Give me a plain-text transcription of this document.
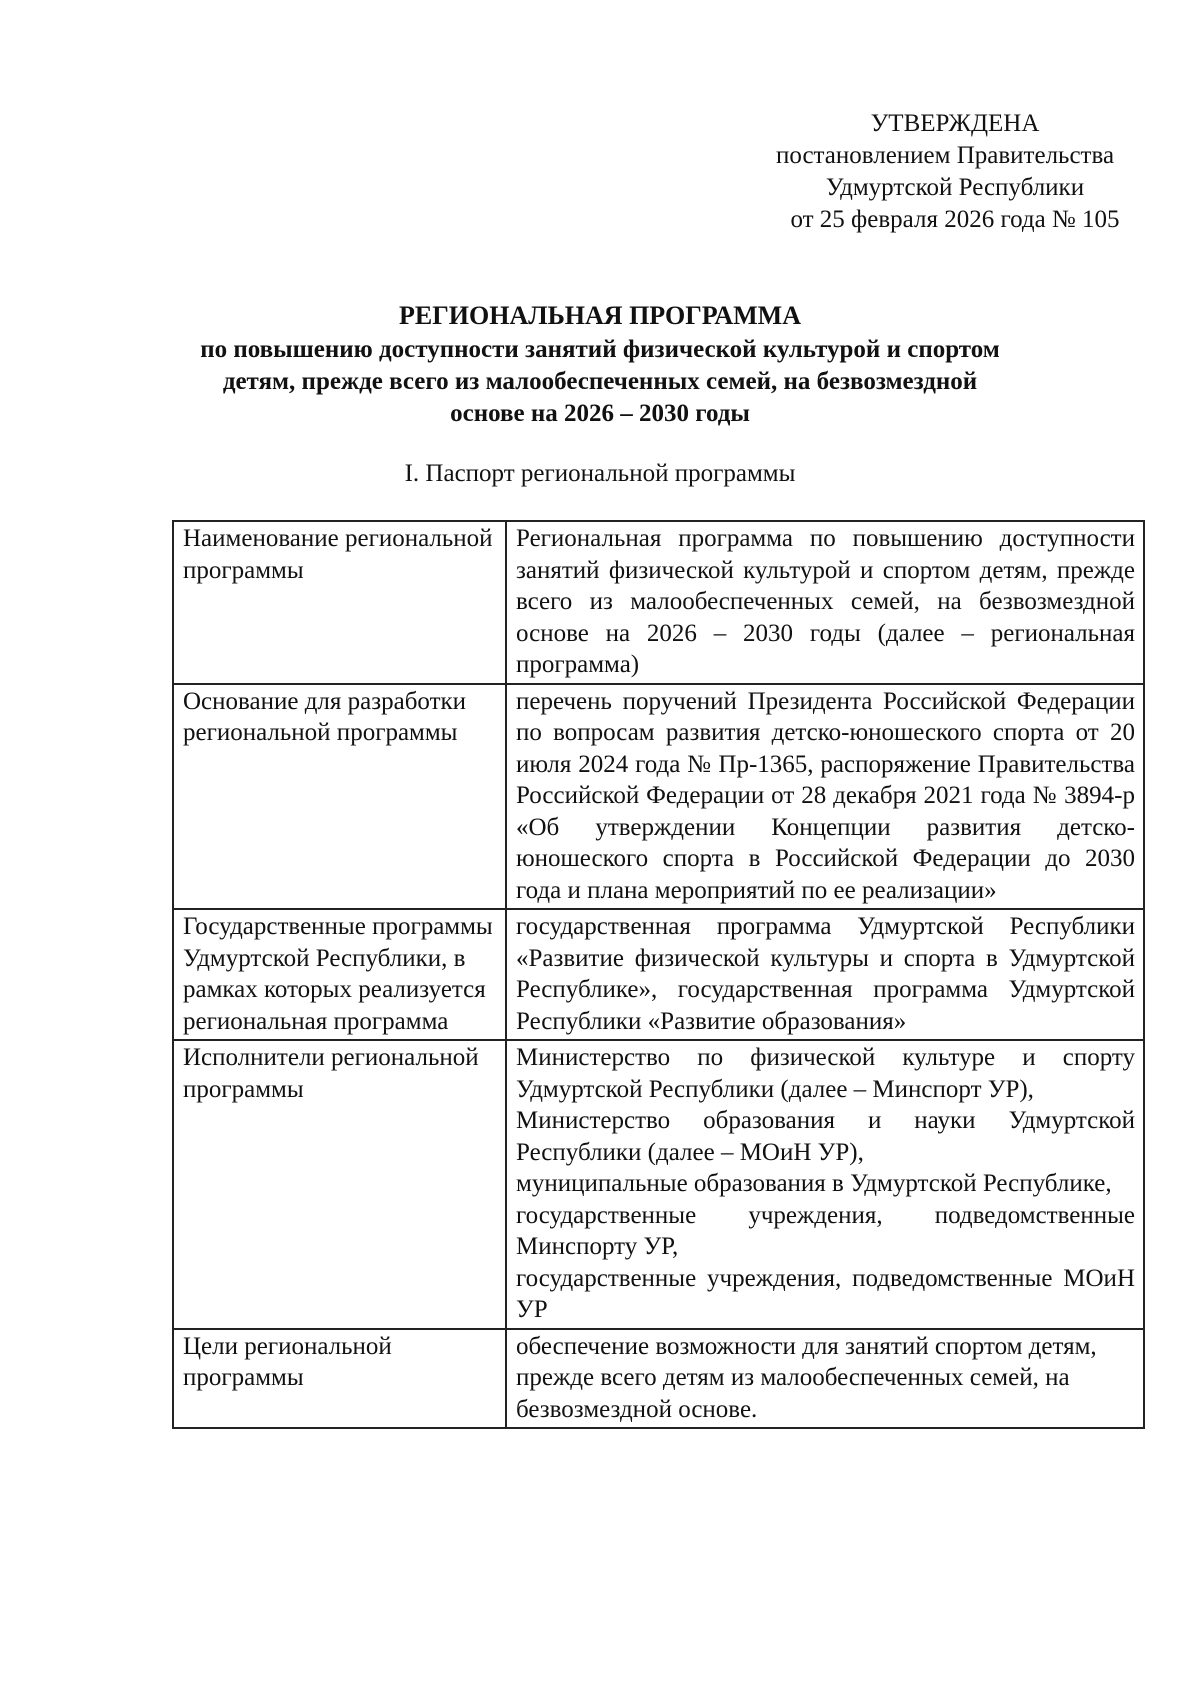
УТВЕРЖДЕНА
постановлением Правительства
Удмуртской Республики
от 25 февраля 2026 года № 105
РЕГИОНАЛЬНАЯ ПРОГРАММА
по повышению доступности занятий физической культурой и спортом
детям, прежде всего из малообеспеченных семей, на безвозмездной
основе на 2026 – 2030 годы
I. Паспорт региональной программы
Наименование региональной программы	Региональная программа по повышению доступности занятий физической культурой и спортом детям, прежде всего из малообеспеченных семей, на безвозмездной основе на 2026 – 2030 годы (далее – региональная программа)

Основание для разработки региональной программы	перечень поручений Президента Российской Федерации по вопросам развития детско-юношеского спорта от 20 июля 2024 года № Пр-1365, распоряжение Правительства Российской Федерации от 28 декабря 2021 года № 3894-р «Об утверждении Концепции развития детско-юношеского спорта в Российской Федерации до 2030 года и плана мероприятий по ее реализации»

Государственные программы Удмуртской Республики, в рамках которых реализуется региональная программа	государственная программа Удмуртской Республики «Развитие физической культуры и спорта в Удмуртской Республике», государственная программа Удмуртской Республики «Развитие образования»

Исполнители региональной программы	Министерство по физической культуре и спорту Удмуртской Республики (далее – Минспорт УР),
Министерство образования и науки Удмуртской Республики (далее – МОиН УР),
муниципальные образования в Удмуртской Республике,
государственные учреждения, подведомственные Минспорту УР,
государственные учреждения, подведомственные МОиН УР

Цели региональной программы	обеспечение возможности для занятий спортом детям, прежде всего детям из малообеспеченных семей, на безвозмездной основе.
